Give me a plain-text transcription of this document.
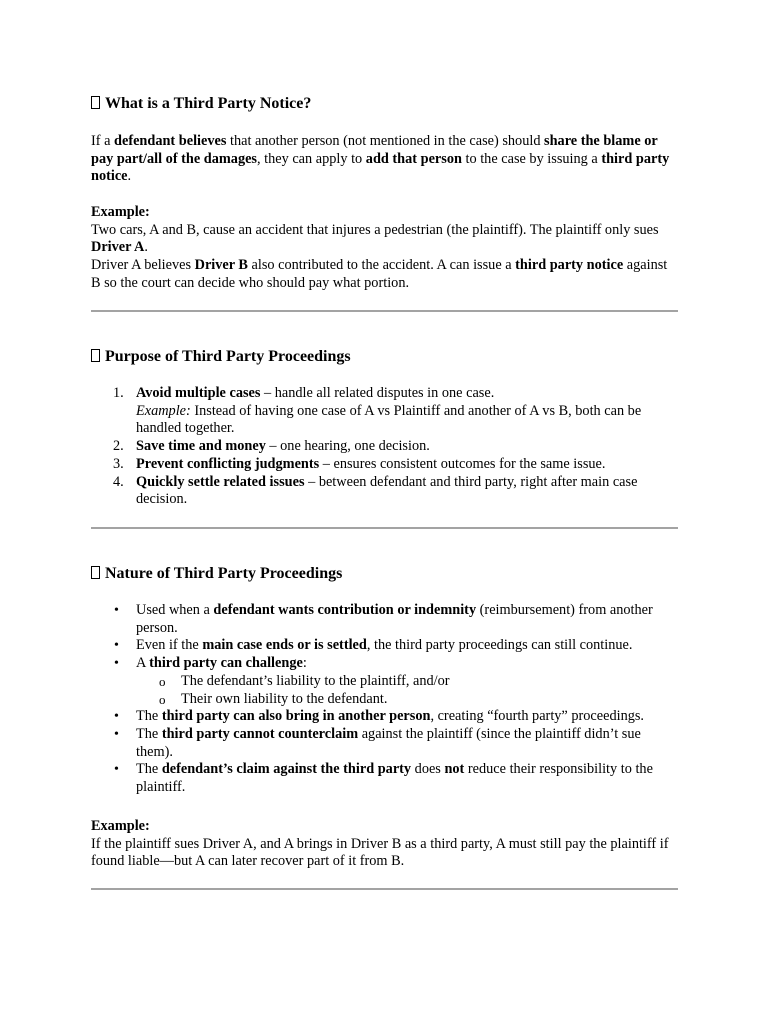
What is a Third Party Notice?
If a defendant believes that another person (not mentioned in the case) should share the blame or pay part/all of the damages, they can apply to add that person to the case by issuing a third party notice.
Example:
Two cars, A and B, cause an accident that injures a pedestrian (the plaintiff). The plaintiff only sues Driver A.
Driver A believes Driver B also contributed to the accident. A can issue a third party notice against B so the court can decide who should pay what portion.
Purpose of Third Party Proceedings
1. Avoid multiple cases – handle all related disputes in one case.
Example: Instead of having one case of A vs Plaintiff and another of A vs B, both can be handled together.
2. Save time and money – one hearing, one decision.
3. Prevent conflicting judgments – ensures consistent outcomes for the same issue.
4. Quickly settle related issues – between defendant and third party, right after main case decision.
Nature of Third Party Proceedings
• Used when a defendant wants contribution or indemnity (reimbursement) from another person.
• Even if the main case ends or is settled, the third party proceedings can still continue.
• A third party can challenge:
o The defendant’s liability to the plaintiff, and/or
o Their own liability to the defendant.
• The third party can also bring in another person, creating “fourth party” proceedings.
• The third party cannot counterclaim against the plaintiff (since the plaintiff didn’t sue them).
• The defendant’s claim against the third party does not reduce their responsibility to the plaintiff.
Example:
If the plaintiff sues Driver A, and A brings in Driver B as a third party, A must still pay the plaintiff if found liable—but A can later recover part of it from B.
